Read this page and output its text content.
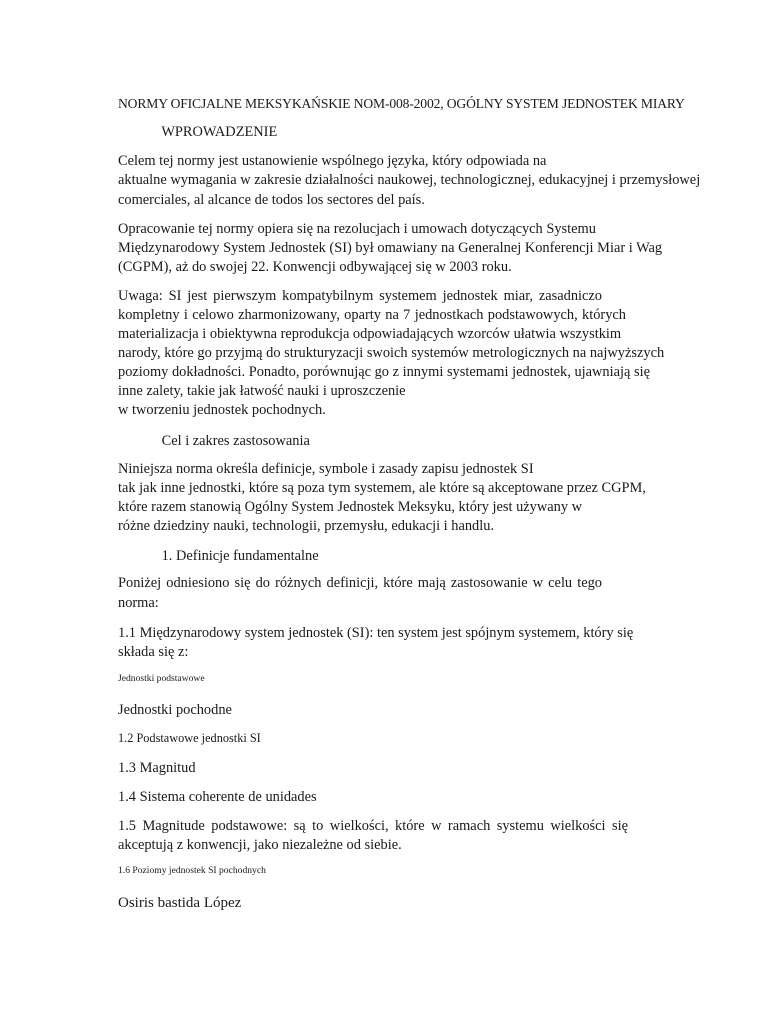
NORMY OFICJALNE MEKSYKAŃSKIE NOM-008-2002, OGÓLNY SYSTEM JEDNOSTEK MIARY
WPROWADZENIE
Celem tej normy jest ustanowienie wspólnego języka, który odpowiada na
aktualne wymagania w zakresie działalności naukowej, technologicznej, edukacyjnej i przemysłowej
comerciales, al alcance de todos los sectores del país.
Opracowanie tej normy opiera się na rezolucjach i umowach dotyczących Systemu
Międzynarodowy System Jednostek (SI) był omawiany na Generalnej Konferencji Miar i Wag
(CGPM), aż do swojej 22. Konwencji odbywającej się w 2003 roku.
Uwaga: SI jest pierwszym kompatybilnym systemem jednostek miar, zasadniczo
kompletny i celowo zharmonizowany, oparty na 7 jednostkach podstawowych, których
materializacja i obiektywna reprodukcja odpowiadających wzorców ułatwia wszystkim
narody, które go przyjmą do strukturyzacji swoich systemów metrologicznych na najwyższych
poziomy dokładności. Ponadto, porównując go z innymi systemami jednostek, ujawniają się
inne zalety, takie jak łatwość nauki i uproszczenie
w tworzeniu jednostek pochodnych.
Cel i zakres zastosowania
Niniejsza norma określa definicje, symbole i zasady zapisu jednostek SI
tak jak inne jednostki, które są poza tym systemem, ale które są akceptowane przez CGPM,
które razem stanowią Ogólny System Jednostek Meksyku, który jest używany w
różne dziedziny nauki, technologii, przemysłu, edukacji i handlu.
1. Definicje fundamentalne
Poniżej odniesiono się do różnych definicji, które mają zastosowanie w celu tego
norma:
1.1 Międzynarodowy system jednostek (SI): ten system jest spójnym systemem, który się
składa się z:
Jednostki podstawowe
Jednostki pochodne
1.2 Podstawowe jednostki SI
1.3 Magnitud
1.4 Sistema coherente de unidades
1.5 Magnitude podstawowe: są to wielkości, które w ramach systemu wielkości się
akceptują z konwencji, jako niezależne od siebie.
1.6 Poziomy jednostek SI pochodnych
Osiris bastida López
